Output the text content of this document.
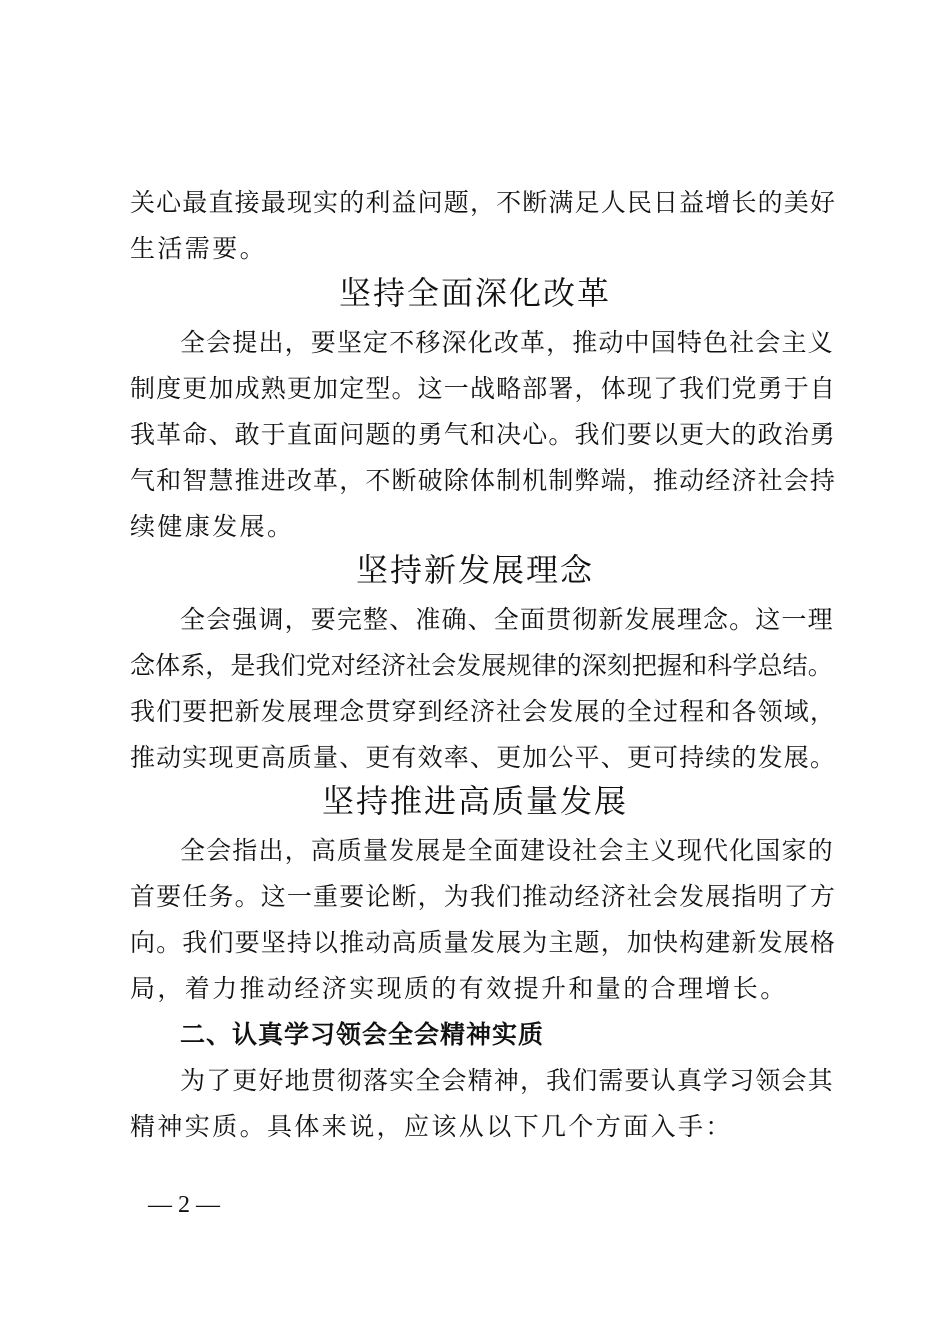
关心最直接最现实的利益问题，不断满足人民日益增长的美好
生活需要。
坚持全面深化改革
全会提出，要坚定不移深化改革，推动中国特色社会主义
制度更加成熟更加定型。这一战略部署，体现了我们党勇于自
我革命、敢于直面问题的勇气和决心。我们要以更大的政治勇
气和智慧推进改革，不断破除体制机制弊端，推动经济社会持
续健康发展。
坚持新发展理念
全会强调，要完整、准确、全面贯彻新发展理念。这一理
念体系，是我们党对经济社会发展规律的深刻把握和科学总结。
我们要把新发展理念贯穿到经济社会发展的全过程和各领域，
推动实现更高质量、更有效率、更加公平、更可持续的发展。
坚持推进高质量发展
全会指出，高质量发展是全面建设社会主义现代化国家的
首要任务。这一重要论断，为我们推动经济社会发展指明了方
向。我们要坚持以推动高质量发展为主题，加快构建新发展格
局，着力推动经济实现质的有效提升和量的合理增长。
二、认真学习领会全会精神实质
为了更好地贯彻落实全会精神，我们需要认真学习领会其
精神实质。具体来说，应该从以下几个方面入手：
— 2 —
